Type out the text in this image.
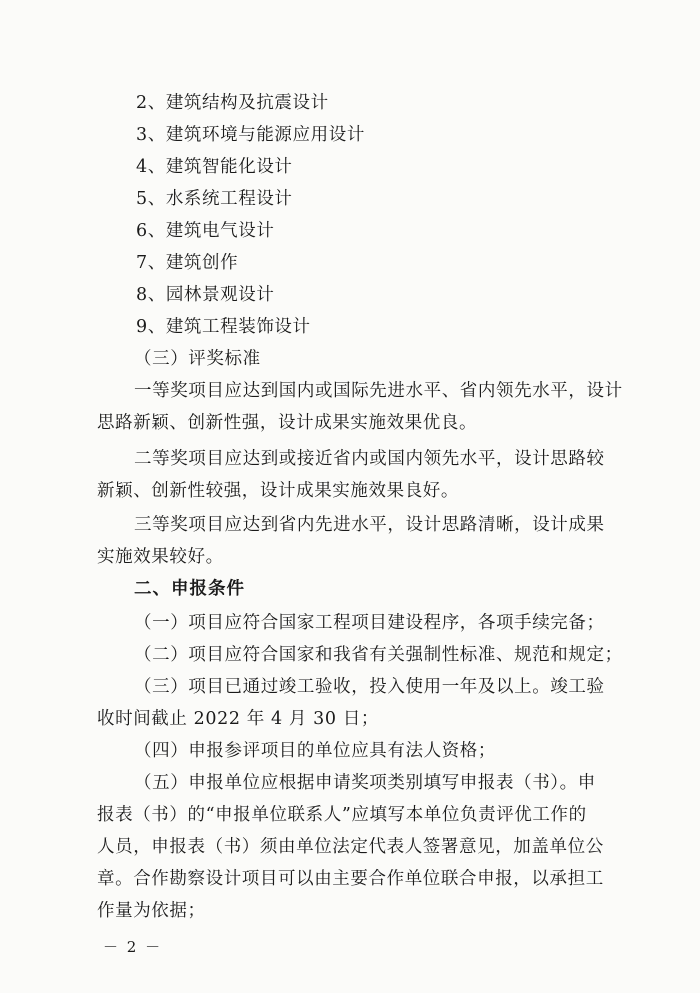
2、建筑结构及抗震设计
3、建筑环境与能源应用设计
4、建筑智能化设计
5、水系统工程设计
6、建筑电气设计
7、建筑创作
8、园林景观设计
9、建筑工程装饰设计
（三）评奖标准
一等奖项目应达到国内或国际先进水平、省内领先水平，设计
思路新颖、创新性强，设计成果实施效果优良。
二等奖项目应达到或接近省内或国内领先水平，设计思路较
新颖、创新性较强，设计成果实施效果良好。
三等奖项目应达到省内先进水平，设计思路清晰，设计成果
实施效果较好。
二、申报条件
（一）项目应符合国家工程项目建设程序，各项手续完备；
（二）项目应符合国家和我省有关强制性标准、规范和规定；
（三）项目已通过竣工验收，投入使用一年及以上。竣工验
收时间截止 2022 年 4 月 30 日；
（四）申报参评项目的单位应具有法人资格；
（五）申报单位应根据申请奖项类别填写申报表（书）。申
报表（书）的“申报单位联系人”应填写本单位负责评优工作的
人员，申报表（书）须由单位法定代表人签署意见，加盖单位公
章。合作勘察设计项目可以由主要合作单位联合申报，以承担工
作量为依据；
－ 2 －
